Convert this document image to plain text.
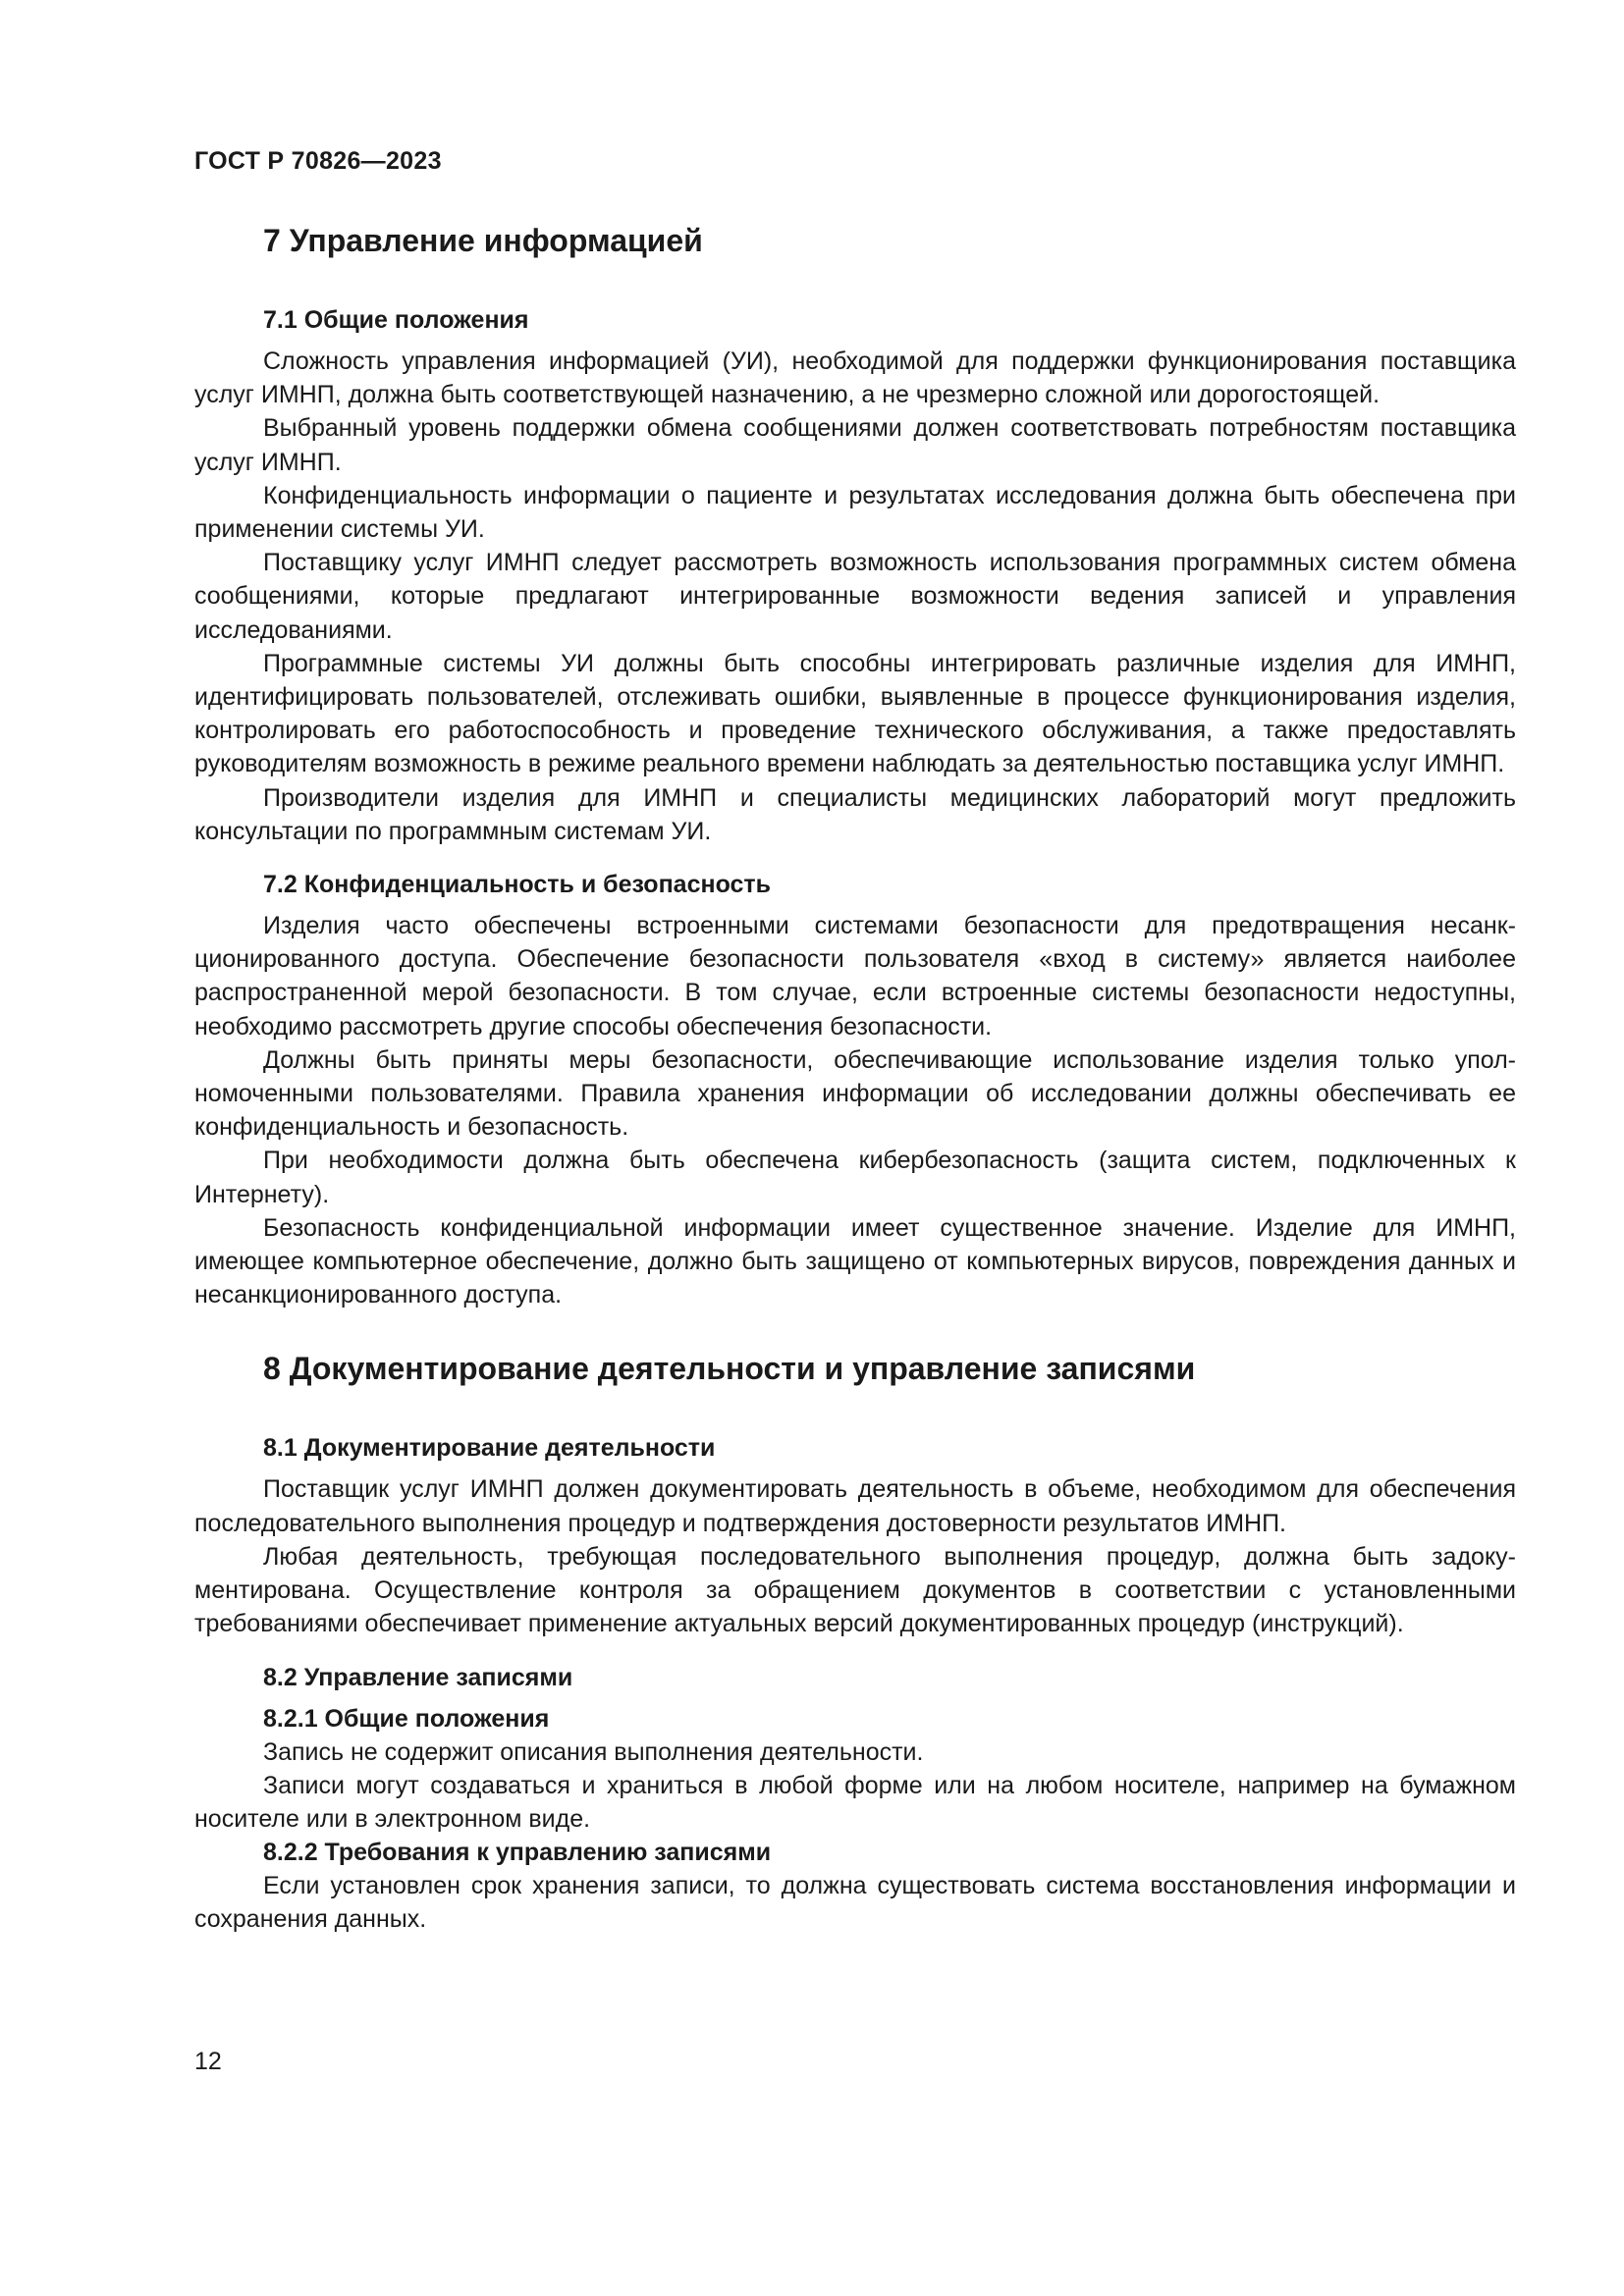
ГОСТ Р 70826—2023
7 Управление информацией
7.1 Общие положения

Сложность управления информацией (УИ), необходимой для поддержки функционирования поставщика услуг ИМНП, должна быть соответствующей назначению, а не чрезмерно сложной или дорогостоящей.

Выбранный уровень поддержки обмена сообщениями должен соответствовать потребностям поставщика услуг ИМНП.

Конфиденциальность информации о пациенте и результатах исследования должна быть обеспечена при применении системы УИ.

Поставщику услуг ИМНП следует рассмотреть возможность использования программных систем обмена сообщениями, которые предлагают интегрированные возможности ведения записей и управления исследованиями.

Программные системы УИ должны быть способны интегрировать различные изделия для ИМНП, идентифицировать пользователей, отслеживать ошибки, выявленные в процессе функционирования изделия, контролировать его работоспособность и проведение технического обслуживания, а также предоставлять руководителям возможность в режиме реального времени наблюдать за деятельностью поставщика услуг ИМНП.

Производители изделия для ИМНП и специалисты медицинских лабораторий могут предложить консультации по программным системам УИ.

7.2 Конфиденциальность и безопасность

Изделия часто обеспечены встроенными системами безопасности для предотвращения несанкционированного доступа. Обеспечение безопасности пользователя «вход в систему» является наиболее распространенной мерой безопасности. В том случае, если встроенные системы безопасности недоступны, необходимо рассмотреть другие способы обеспечения безопасности.

Должны быть приняты меры безопасности, обеспечивающие использование изделия только уполномоченными пользователями. Правила хранения информации об исследовании должны обеспечивать ее конфиденциальность и безопасность.

При необходимости должна быть обеспечена кибербезопасность (защита систем, подключенных к Интернету).

Безопасность конфиденциальной информации имеет существенное значение. Изделие для ИМНП, имеющее компьютерное обеспечение, должно быть защищено от компьютерных вирусов, повреждения данных и несанкционированного доступа.

8 Документирование деятельности и управление записями
8.1 Документирование деятельности

Поставщик услуг ИМНП должен документировать деятельность в объеме, необходимом для обеспечения последовательного выполнения процедур и подтверждения достоверности результатов ИМНП.

Любая деятельность, требующая последовательного выполнения процедур, должна быть задокументирована. Осуществление контроля за обращением документов в соответствии с установленными требованиями обеспечивает применение актуальных версий документированных процедур (инструкций).

8.2 Управление записями
8.2.1 Общие положения

Запись не содержит описания выполнения деятельности.

Записи могут создаваться и храниться в любой форме или на любом носителе, например на бумажном носителе или в электронном виде.

8.2.2 Требования к управлению записями

Если установлен срок хранения записи, то должна существовать система восстановления информации и сохранения данных.

12
